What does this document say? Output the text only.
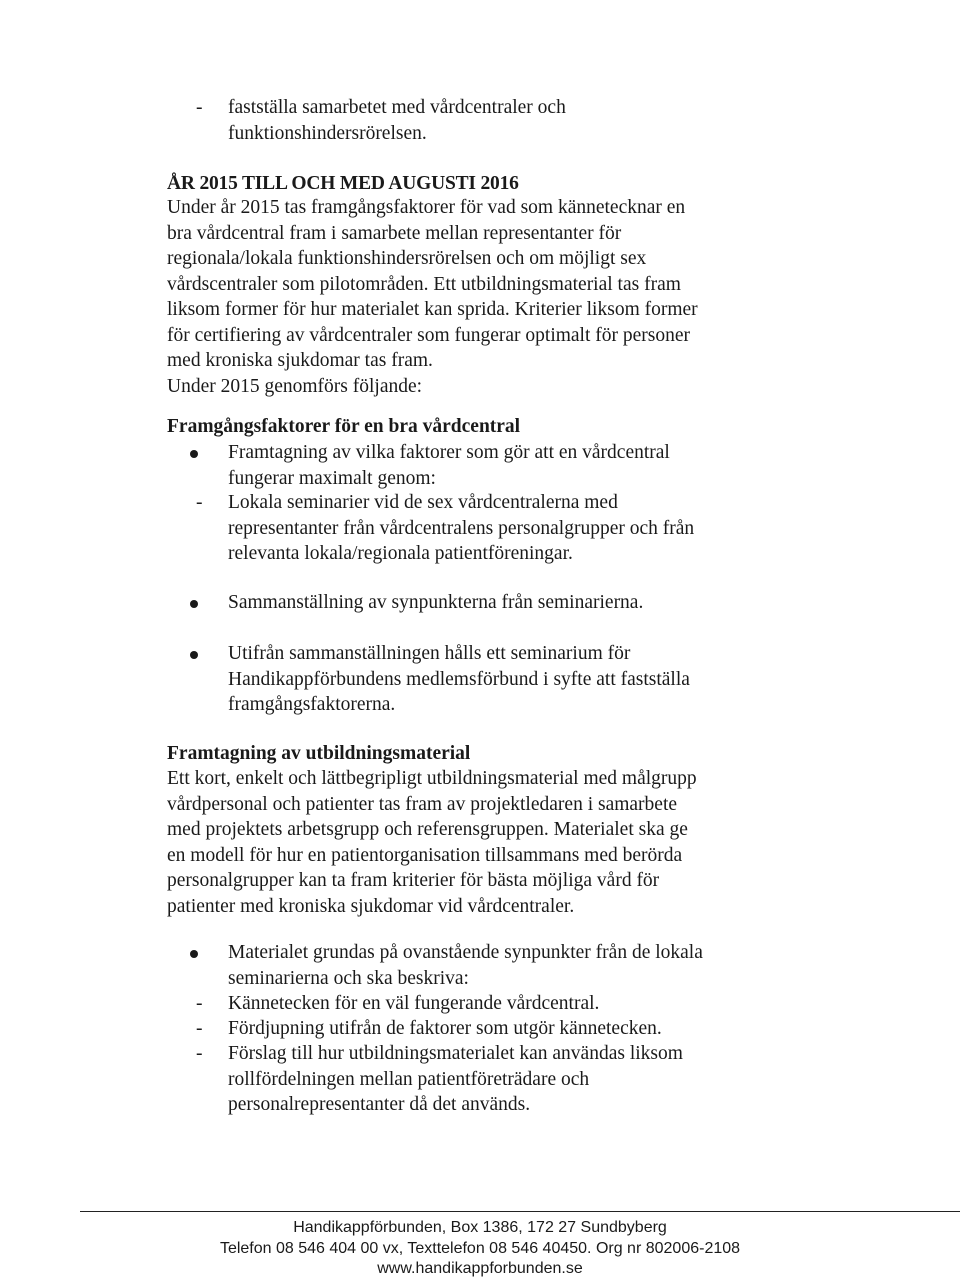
-	fastställa samarbetet med vårdcentraler och
funktionshindersrörelsen.
ÅR 2015 TILL OCH MED AUGUSTI 2016
Under år 2015 tas framgångsfaktorer för vad som kännetecknar en
bra vårdcentral fram i samarbete mellan representanter för
regionala/lokala funktionshindersrörelsen och om möjligt sex
vårdscentraler som pilotområden. Ett utbildningsmaterial tas fram
liksom former för hur materialet kan sprida. Kriterier liksom former
för certifiering av vårdcentraler som fungerar optimalt för personer
med kroniska sjukdomar tas fram.
Under 2015 genomförs följande:
Framgångsfaktorer för en bra vårdcentral
Framtagning av vilka faktorer som gör att en vårdcentral
fungerar maximalt genom:
-	Lokala seminarier vid de sex vårdcentralerna med
representanter från vårdcentralens personalgrupper och från
relevanta lokala/regionala patientföreningar.
Sammanställning av synpunkterna från seminarierna.
Utifrån sammanställningen hålls ett seminarium för
Handikappförbundens medlemsförbund i syfte att fastställa
framgångsfaktorerna.
Framtagning av utbildningsmaterial
Ett kort, enkelt och lättbegripligt utbildningsmaterial med målgrupp
vårdpersonal och patienter tas fram av projektledaren i samarbete
med projektets arbetsgrupp och referensgruppen. Materialet ska ge
en modell för hur en patientorganisation tillsammans med berörda
personalgrupper kan ta fram kriterier för bästa möjliga vård för
patienter med kroniska sjukdomar vid vårdcentraler.
Materialet grundas på ovanstående synpunkter från de lokala
seminarierna och ska beskriva:
-	Kännetecken för en väl fungerande vårdcentral.
-	Fördjupning utifrån de faktorer som utgör kännetecken.
-	Förslag till hur utbildningsmaterialet kan användas liksom
rollfördelningen mellan patientföreträdare och
personalrepresentanter då det används.
Handikappförbunden, Box 1386, 172 27 Sundbyberg
Telefon 08 546 404 00 vx, Texttelefon 08 546 40450. Org nr 802006-2108
www.handikappforbunden.se
